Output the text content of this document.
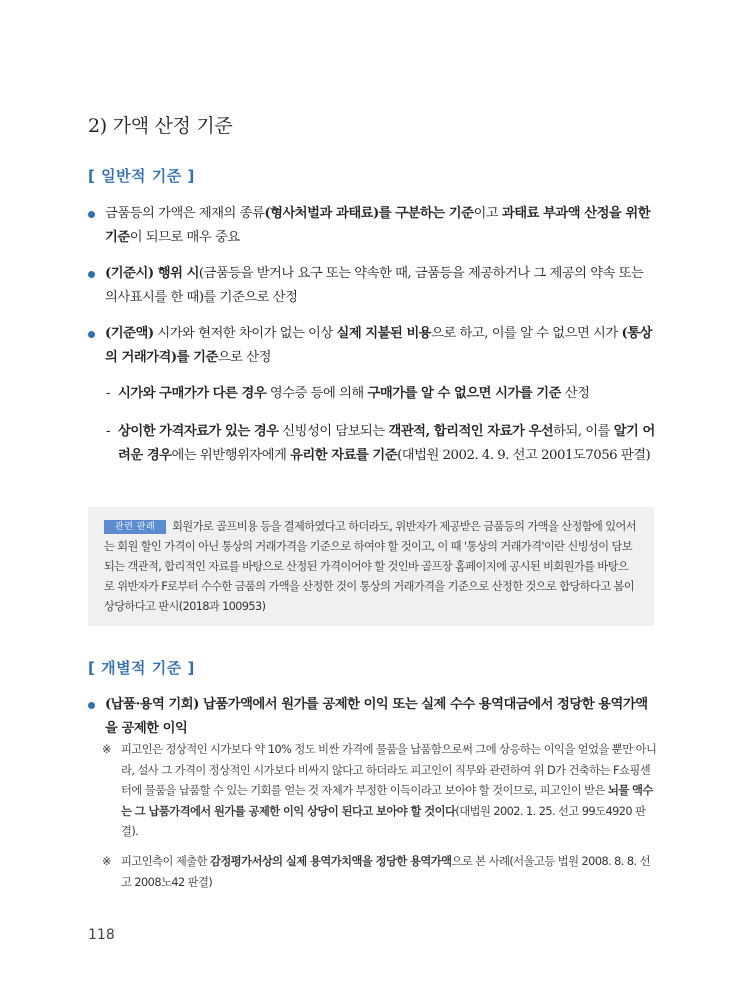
2) 가액 산정 기준
[ 일반적 기준 ]
금품등의 가액은 제재의 종류(형사처벌과 과태료)를 구분하는 기준이고 과태료 부과액 산정을 위한 기준이 되므로 매우 중요
(기준시) 행위 시(금품등을 받거나 요구 또는 약속한 때, 금품등을 제공하거나 그 제공의 약속 또는 의사표시를 한 때)를 기준으로 산정
(기준액) 시가와 현저한 차이가 없는 이상 실제 지불된 비용으로 하고, 이를 알 수 없으면 시가 (통상의 거래가격)를 기준으로 산정
- 시가와 구매가가 다른 경우 영수증 등에 의해 구매가를 알 수 없으면 시가를 기준 산정
- 상이한 가격자료가 있는 경우 신빙성이 담보되는 객관적, 합리적인 자료가 우선하되, 이를 알기 어려운 경우에는 위반행위자에게 유리한 자료를 기준(대법원 2002. 4. 9. 선고 2001도7056 판결)
관련 판례 회원가로 골프비용 등을 결제하였다고 하더라도, 위반자가 제공받은 금품등의 가액을 산정함에 있어서는 회원 할인 가격이 아닌 통상의 거래가격을 기준으로 하여야 할 것이고, 이 때 '통상의 거래가격'이란 신빙성이 담보되는 객관적, 합리적인 자료를 바탕으로 산정된 가격이어야 할 것인바 골프장 홈페이지에 공시된 비회원가를 바탕으로 위반자가 F로부터 수수한 금품의 가액을 산정한 것이 통상의 거래가격을 기준으로 산정한 것으로 합당하다고 봄이 상당하다고 판시(2018과 100953)
[ 개별적 기준 ]
(납품·용역 기회) 납품가액에서 원가를 공제한 이익 또는 실제 수수 용역대금에서 정당한 용역가액을 공제한 이익
※ 피고인은 정상적인 시가보다 약 10% 정도 비싼 가격에 물품을 납품함으로써 그에 상응하는 이익을 얻었을 뿐만 아니라, 설사 그 가격이 정상적인 시가보다 비싸지 않다고 하더라도 피고인이 직무와 관련하여 위 D가 건축하는 F쇼핑센터에 물품을 납품할 수 있는 기회를 얻는 것 자체가 부정한 이득이라고 보아야 할 것이므로, 피고인이 받은 뇌물 액수는 그 납품가격에서 원가를 공제한 이익 상당이 된다고 보아야 할 것이다(대법원 2002. 1. 25. 선고 99도4920 판결).
※ 피고인측이 제출한 감정평가서상의 실제 용역가치액을 정당한 용역가액으로 본 사례(서울고등 법원 2008. 8. 8. 선고 2008노42 판결)
118
